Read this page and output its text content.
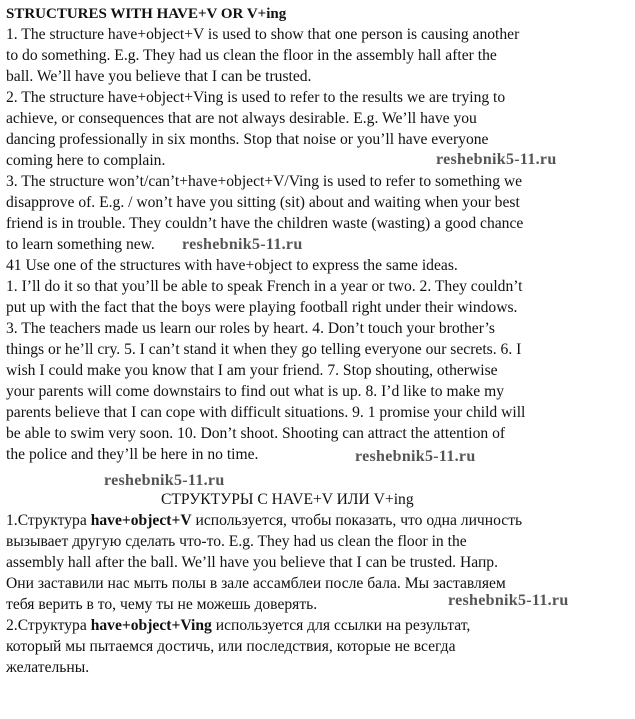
STRUCTURES WITH HAVE+V OR V+ing
1. The structure have+object+V is used to show that one person is causing another
to do something. E.g. They had us clean the floor in the assembly hall after the
ball. We’ll have you believe that I can be trusted.
2. The structure have+object+Ving is used to refer to the results we are trying to
achieve, or consequences that are not always desirable. E.g. We’ll have you
dancing professionally in six months. Stop that noise or you’ll have everyone
coming here to complain.
3. The structure won’t/can’t+have+object+V/Ving is used to refer to something we
disapprove of. E.g. / won’t have you sitting (sit) about and waiting when your best
friend is in trouble. They couldn’t have the children waste (wasting) a good chance
to learn something new.
41 Use one of the structures with have+object to express the same ideas.
1. I’ll do it so that you’ll be able to speak French in a year or two. 2. They couldn’t
put up with the fact that the boys were playing football right under their windows.
3. The teachers made us learn our roles by heart. 4. Don’t touch your brother’s
things or he’ll cry. 5. I can’t stand it when they go telling everyone our secrets. 6. I
wish I could make you know that I am your friend. 7. Stop shouting, otherwise
your parents will come downstairs to find out what is up. 8. I’d like to make my
parents believe that I can cope with difficult situations. 9. 1 promise your child will
be able to swim very soon. 10. Don’t shoot. Shooting can attract the attention of
the police and they’ll be here in no time.
СТРУКТУРЫ С HAVE+V ИЛИ V+ing
1.Структура have+object+V используется, чтобы показать, что одна личность
вызывает другую сделать что-то. E.g. They had us clean the floor in the
assembly hall after the ball. We’ll have you believe that I can be trusted. Напр.
Они заставили нас мыть полы в зале ассамблеи после бала. Мы заставляем
тебя верить в то, чему ты не можешь доверять.
2.Структура have+object+Ving используется для ссылки на результат,
который мы пытаемся достичь, или последствия, которые не всегда
желательны.
reshebnik5-11.ru
reshebnik5-11.ru
reshebnik5-11.ru
reshebnik5-11.ru
reshebnik5-11.ru
